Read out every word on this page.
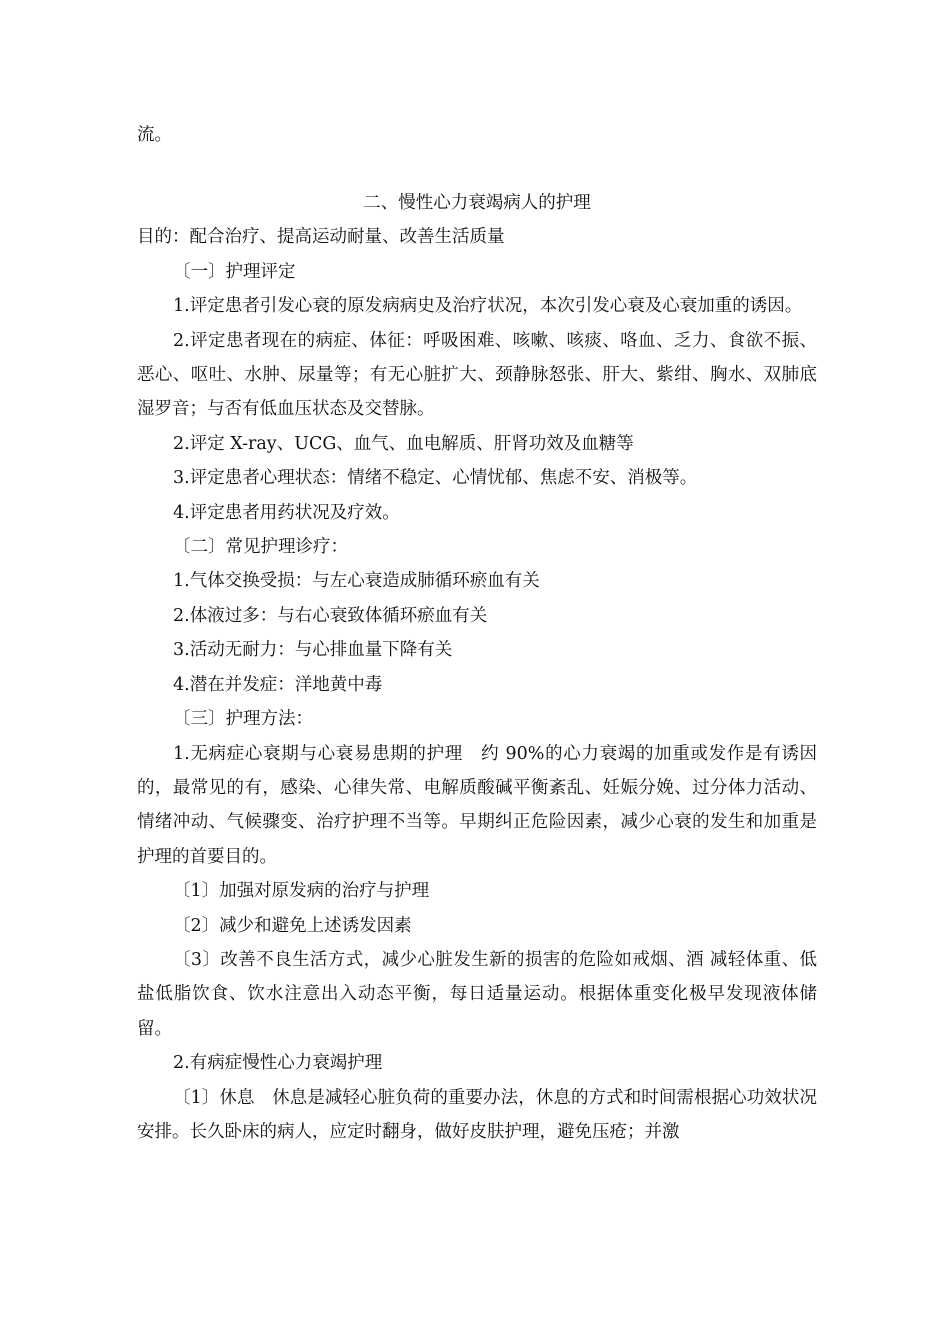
流。

二、慢性心力衰竭病人的护理

目的：配合治疗、提高运动耐量、改善生活质量

〔一〕护理评定

1.评定患者引发心衰的原发病病史及治疗状况，本次引发心衰及心衰加重的诱因。

2.评定患者现在的病症、体征：呼吸困难、咳嗽、咳痰、咯血、乏力、食欲不振、恶心、呕吐、水肿、尿量等；有无心脏扩大、颈静脉怒张、肝大、紫绀、胸水、双肺底湿罗音；与否有低血压状态及交替脉。

2.评定 X-ray、UCG、血气、血电解质、肝肾功效及血糖等

3.评定患者心理状态：情绪不稳定、心情忧郁、焦虑不安、消极等。

4.评定患者用药状况及疗效。

〔二〕常见护理诊疗：

1.气体交换受损：与左心衰造成肺循环瘀血有关

2.体液过多：与右心衰致体循环瘀血有关

3.活动无耐力：与心排血量下降有关

4.潜在并发症：洋地黄中毒

〔三〕护理方法：

1.无病症心衰期与心衰易患期的护理　约 90%的心力衰竭的加重或发作是有诱因的，最常见的有，感染、心律失常、电解质酸碱平衡紊乱、妊娠分娩、过分体力活动、情绪冲动、气候骤变、治疗护理不当等。早期纠正危险因素，减少心衰的发生和加重是护理的首要目的。

〔1〕加强对原发病的治疗与护理

〔2〕减少和避免上述诱发因素

〔3〕改善不良生活方式，减少心脏发生新的损害的危险如戒烟、酒 减轻体重、低盐低脂饮食、饮水注意出入动态平衡，每日适量运动。根据体重变化极早发现液体储留。

2.有病症慢性心力衰竭护理

〔1〕休息　休息是减轻心脏负荷的重要办法，休息的方式和时间需根据心功效状况安排。长久卧床的病人，应定时翻身，做好皮肤护理，避免压疮；并激
